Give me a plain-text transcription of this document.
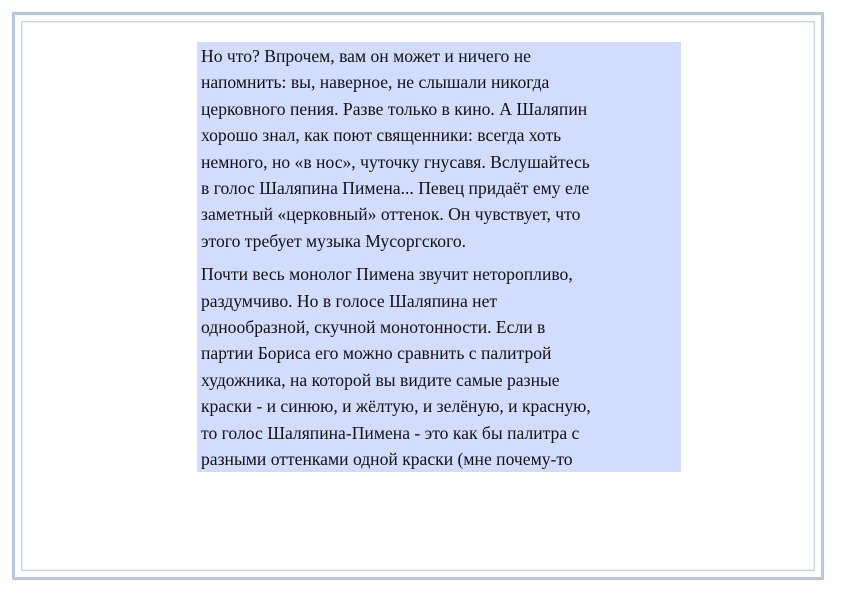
Но что? Впрочем, вам он может и ничего не
напомнить: вы, наверное, не слышали никогда
церковного пения. Разве только в кино. А Шаляпин
хорошо знал, как поют священники: всегда хоть
немного, но «в нос», чуточку гнусавя. Вслушайтесь
в голос Шаляпина Пимена... Певец придаёт ему еле
заметный «церковный» оттенок. Он чувствует, что
этого требует музыка Мусоргского.

Почти весь монолог Пимена звучит неторопливо,
раздумчиво. Но в голосе Шаляпина нет
однообразной, скучной монотонности. Если в
партии Бориса его можно сравнить с палитрой
художника, на которой вы видите самые разные
краски - и синюю, и жёлтую, и зелёную, и красную,
то голос Шаляпина-Пимена - это как бы палитра с
разными оттенками одной краски (мне почему-то
